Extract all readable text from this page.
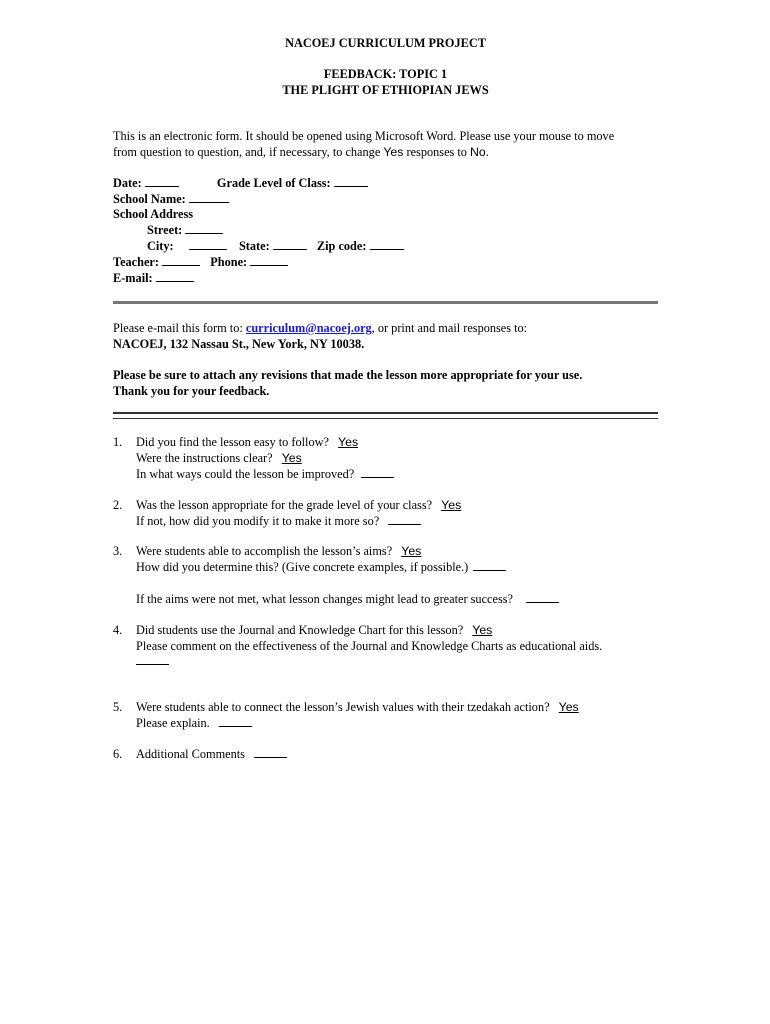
NACOEJ CURRICULUM PROJECT
FEEDBACK: TOPIC 1
THE PLIGHT OF ETHIOPIAN JEWS
This is an electronic form. It should be opened using Microsoft Word. Please use your mouse to move
from question to question, and, if necessary, to change Yes responses to No.
Date:	Grade Level of Class:
School Name:
School Address
Street:
City:	State:	Zip code:
Teacher:	Phone:
E-mail:
Please e-mail this form to: curriculum@nacoej.org, or print and mail responses to:
NACOEJ, 132 Nassau St., New York, NY 10038.
Please be sure to attach any revisions that made the lesson more appropriate for your use.
Thank you for your feedback.
1. Did you find the lesson easy to follow? Yes
Were the instructions clear? Yes
In what ways could the lesson be improved?
2. Was the lesson appropriate for the grade level of your class? Yes
If not, how did you modify it to make it more so?
3. Were students able to accomplish the lesson’s aims? Yes
How did you determine this? (Give concrete examples, if possible.)
If the aims were not met, what lesson changes might lead to greater success?
4. Did students use the Journal and Knowledge Chart for this lesson? Yes
Please comment on the effectiveness of the Journal and Knowledge Charts as educational aids.
5. Were students able to connect the lesson’s Jewish values with their tzedakah action? Yes
Please explain.
6. Additional Comments
